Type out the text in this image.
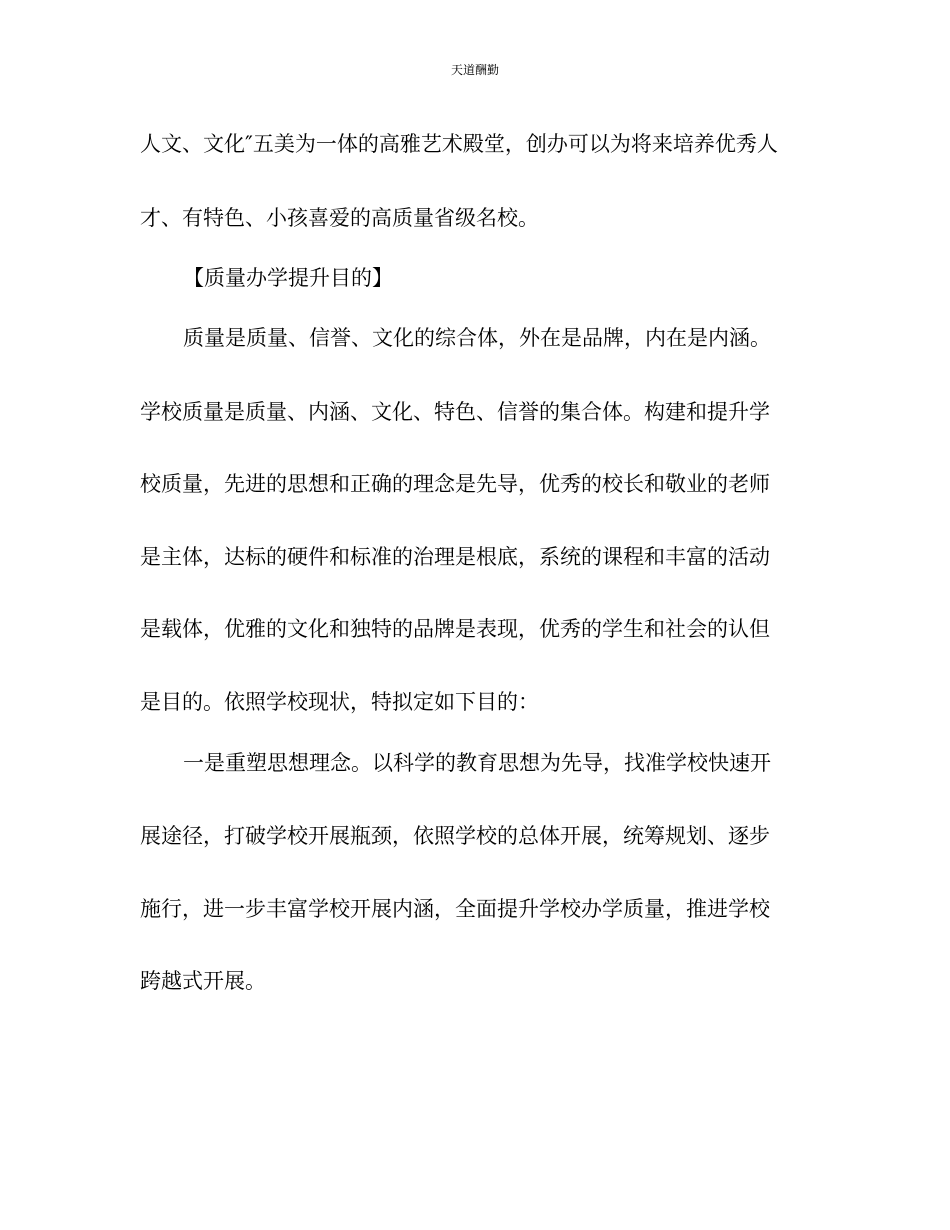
天道酬勤
人文、文化″五美为一体的高雅艺术殿堂，创办可以为将来培养优秀人
才、有特色、小孩喜爱的高质量省级名校。
【质量办学提升目的】
质量是质量、信誉、文化的综合体，外在是品牌，内在是内涵。
学校质量是质量、内涵、文化、特色、信誉的集合体。构建和提升学
校质量，先进的思想和正确的理念是先导，优秀的校长和敬业的老师
是主体，达标的硬件和标准的治理是根底，系统的课程和丰富的活动
是载体，优雅的文化和独特的品牌是表现，优秀的学生和社会的认但
是目的。依照学校现状，特拟定如下目的：
一是重塑思想理念。以科学的教育思想为先导，找准学校快速开
展途径，打破学校开展瓶颈，依照学校的总体开展，统筹规划、逐步
施行，进一步丰富学校开展内涵，全面提升学校办学质量，推进学校
跨越式开展。
